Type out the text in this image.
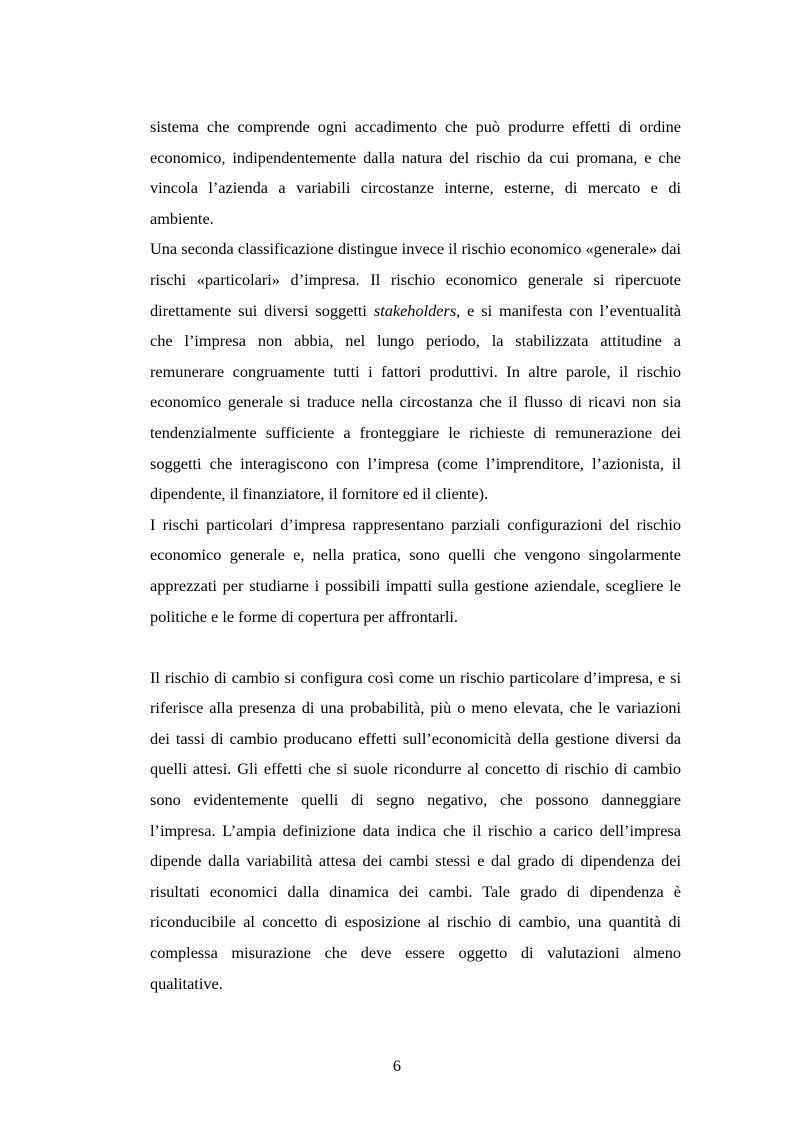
sistema che comprende ogni accadimento che può produrre effetti di ordine economico, indipendentemente dalla natura del rischio da cui promana, e che vincola l’azienda a variabili circostanze interne, esterne, di mercato e di ambiente.

Una seconda classificazione distingue invece il rischio economico «generale» dai rischi «particolari» d’impresa. Il rischio economico generale si ripercuote direttamente sui diversi soggetti stakeholders, e si manifesta con l’eventualità che l’impresa non abbia, nel lungo periodo, la stabilizzata attitudine a remunerare congruamente tutti i fattori produttivi. In altre parole, il rischio economico generale si traduce nella circostanza che il flusso di ricavi non sia tendenzialmente sufficiente a fronteggiare le richieste di remunerazione dei soggetti che interagiscono con l’impresa (come l’imprenditore, l’azionista, il dipendente, il finanziatore, il fornitore ed il cliente).

I rischi particolari d’impresa rappresentano parziali configurazioni del rischio economico generale e, nella pratica, sono quelli che vengono singolarmente apprezzati per studiarne i possibili impatti sulla gestione aziendale, scegliere le politiche e le forme di copertura per affrontarli.

Il rischio di cambio si configura così come un rischio particolare d’impresa, e si riferisce alla presenza di una probabilità, più o meno elevata, che le variazioni dei tassi di cambio producano effetti sull’economicità della gestione diversi da quelli attesi. Gli effetti che si suole ricondurre al concetto di rischio di cambio sono evidentemente quelli di segno negativo, che possono danneggiare l’impresa. L’ampia definizione data indica che il rischio a carico dell’impresa dipende dalla variabilità attesa dei cambi stessi e dal grado di dipendenza dei risultati economici dalla dinamica dei cambi. Tale grado di dipendenza è riconducibile al concetto di esposizione al rischio di cambio, una quantità di complessa misurazione che deve essere oggetto di valutazioni almeno qualitative.

6
